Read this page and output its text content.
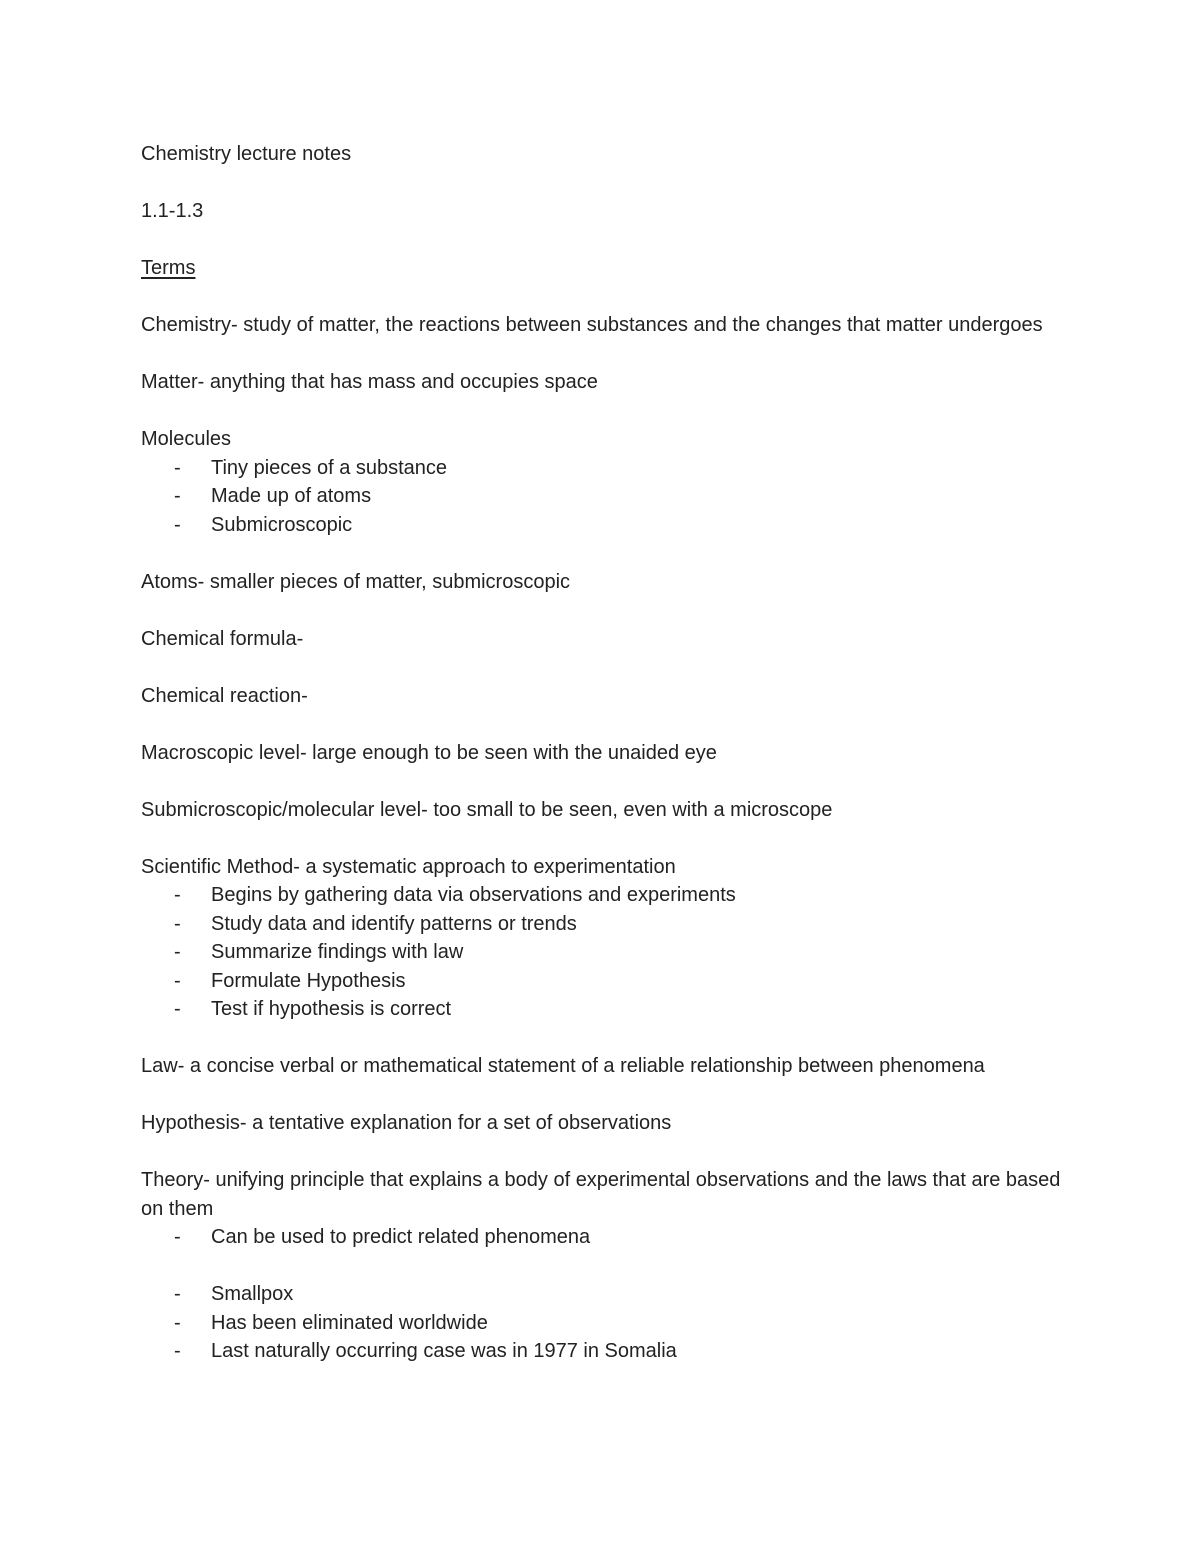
Chemistry lecture notes

1.1-1.3

Terms

Chemistry- study of matter, the reactions between substances and the changes that matter undergoes

Matter- anything that has mass and occupies space

Molecules

- Tiny pieces of a substance
- Made up of atoms
- Submicroscopic

Atoms- smaller pieces of matter, submicroscopic

Chemical formula-

Chemical reaction-

Macroscopic level- large enough to be seen with the unaided eye

Submicroscopic/molecular level- too small to be seen, even with a microscope

Scientific Method- a systematic approach to experimentation

- Begins by gathering data via observations and experiments
- Study data and identify patterns or trends
- Summarize findings with law
- Formulate Hypothesis
- Test if hypothesis is correct

Law- a concise verbal or mathematical statement of a reliable relationship between phenomena

Hypothesis- a tentative explanation for a set of observations

Theory- unifying principle that explains a body of experimental observations and the laws that are based on them

- Can be used to predict related phenomena
- Smallpox
- Has been eliminated worldwide
- Last naturally occurring case was in 1977 in Somalia
